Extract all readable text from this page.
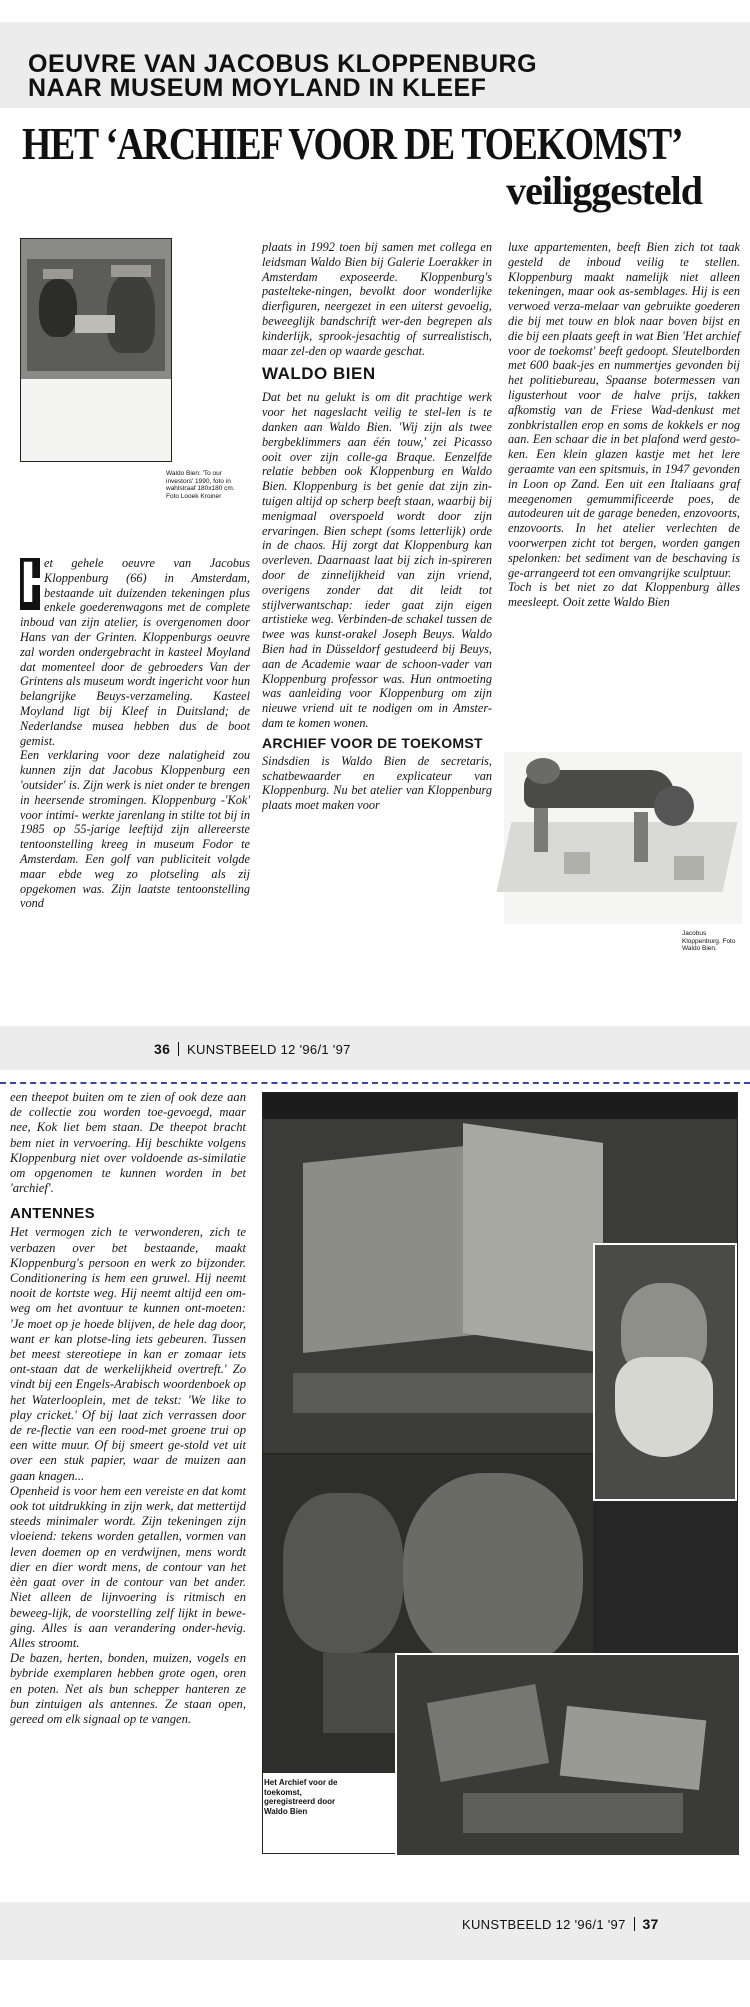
OEUVRE VAN JACOBUS KLOPPENBURG
NAAR MUSEUM MOYLAND IN KLEEF
HET ‘ARCHIEF VOOR DE TOEKOMST’
veiliggesteld
Waldo Bien: 'To our investors' 1990, foto in wahlstraaf 180x180 cm. Foto Looek Kroiner
H

et gehele oeuvre van Jacobus Kloppenburg (66) in Amsterdam, bestaande uit duizenden tekeningen plus enkele goederenwagons met de complete inboud van zijn atelier, is overgenomen door Hans van der Grinten. Kloppenburgs oeuvre zal worden ondergebracht in kasteel Moyland dat momenteel door de gebroeders Van der Grintens als museum wordt ingericht voor hun belangrijke Beuys-verzameling. Kasteel Moyland ligt bij Kleef in Duitsland; de Nederlandse musea hebben dus de boot gemist.

Een verklaring voor deze nalatigheid zou kunnen zijn dat Jacobus Kloppenburg een 'outsider' is. Zijn werk is niet onder te brengen in heersende stromingen. Kloppenburg -'Kok' voor intimi- werkte jarenlang in stilte tot bij in 1985 op 55-jarige leeftijd zijn allereerste tentoonstelling kreeg in museum Fodor te Amsterdam. Een golf van publiciteit volgde maar ebde weg zo plotseling als zij opgekomen was. Zijn laatste tentoonstelling vond

plaats in 1992 toen bij samen met collega en leidsman Waldo Bien bij Galerie Loerakker in Amsterdam exposeerde. Kloppenburg's pastelteke-ningen, bevolkt door wonderlijke dierfiguren, neergezet in een uiterst gevoelig, beweeglijk bandschrift wer-den begrepen als kinderlijk, sprook-jesachtig of surrealistisch, maar zel-den op waarde geschat.

WALDO BIEN

Dat bet nu gelukt is om dit prachtige werk voor het nageslacht veilig te stel-len is te danken aan Waldo Bien. 'Wij zijn als twee bergbeklimmers aan één touw,' zei Picasso ooit over zijn colle-ga Braque. Eenzelfde relatie bebben ook Kloppenburg en Waldo Bien. Kloppenburg is bet genie dat zijn zin-tuigen altijd op scherp beeft staan, waarbij bij menigmaal overspoeld wordt door zijn ervaringen. Bien schept (soms letterlijk) orde in de chaos. Hij zorgt dat Kloppenburg kan overleven. Daarnaast laat bij zich in-spireren door de zinnelijkheid van zijn vriend, overigens zonder dat dit leidt tot stijlverwantschap: ieder gaat zijn eigen artistieke weg. Verbinden-de schakel tussen de twee was kunst-orakel Joseph Beuys. Waldo Bien had in Düsseldorf gestudeerd bij Beuys, aan de Academie waar de schoon-vader van Kloppenburg professor was. Hun ontmoeting was aanleiding voor Kloppenburg om zijn nieuwe vriend uit te nodigen om in Amster-dam te komen wonen.

ARCHIEF VOOR DE TOEKOMST

Sindsdien is Waldo Bien de secretaris, schatbewaarder en explicateur van Kloppenburg. Nu bet atelier van Kloppenburg plaats moet maken voor

luxe appartementen, beeft Bien zich tot taak gesteld de inboud veilig te stellen. Kloppenburg maakt namelijk niet alleen tekeningen, maar ook as-semblages. Hij is een verwoed verza-melaar van gebruikte goederen die bij met touw en blok naar boven bijst en die bij een plaats geeft in wat Bien 'Het archief voor de toekomst' beeft gedoopt. Sleutelborden met 600 baak-jes en nummertjes gevonden bij het politiebureau, Spaanse botermessen van ligusterhout voor de halve prijs, takken afkomstig van de Friese Wad-denkust met zonbkristallen erop en soms de kokkels er nog aan. Een schaar die in bet plafond werd gesto-ken. Een klein glazen kastje met het lere geraamte van een spitsmuis, in 1947 gevonden in Loon op Zand. Een uit een Italiaans graf meegenomen gemummificeerde poes, de autodeuren uit de garage beneden, enzovoorts, enzovoorts. In het atelier verlechten de voorwerpen zicht tot bergen, worden gangen spelonken: bet sediment van de beschaving is ge-arrangeerd tot een omvangrijke sculptuur.

Toch is bet niet zo dat Kloppenburg àlles meesleept. Ooit zette Waldo Bien

Jacobus Kloppenburg. Foto Waldo Bien.
36 KUNSTBEELD 12 '96/1 '97

een theepot buiten om te zien of ook deze aan de collectie zou worden toe-gevoegd, maar nee, Kok liet bem staan. De theepot bracht bem niet in vervoering. Hij beschikte volgens Kloppenburg niet over voldoende as-similatie om opgenomen te kunnen worden in bet 'archief'.

ANTENNES

Het vermogen zich te verwonderen, zich te verbazen over bet bestaande, maakt Kloppenburg's persoon en werk zo bijzonder. Conditionering is hem een gruwel. Hij neemt nooit de kortste weg. Hij neemt altijd een om-weg om het avontuur te kunnen ont-moeten: 'Je moet op je hoede blijven, de hele dag door, want er kan plotse-ling iets gebeuren. Tussen bet meest stereotiepe in kan er zomaar iets ont-staan dat de werkelijkheid overtreft.' Zo vindt bij een Engels-Arabisch woordenboek op het Waterlooplein, met de tekst: 'We like to play cricket.' Of bij laat zich verrassen door de re-flectie van een rood-met groene trui op een witte muur. Of bij smeert ge-stold vet uit over een stuk papier, waar de muizen aan gaan knagen...

Openheid is voor hem een vereiste en dat komt ook tot uitdrukking in zijn werk, dat mettertijd steeds minimaler wordt. Zijn tekeningen zijn vloeiend: tekens worden getallen, vormen van leven doemen op en verdwijnen, mens wordt dier en dier wordt mens, de contour van het èèn gaat over in de contour van bet ander. Niet alleen de lijnvoering is ritmisch en beweeg-lijk, de voorstelling zelf lijkt in bewe-ging. Alles is aan verandering onder-hevig. Alles stroomt.

De bazen, herten, bonden, muizen, vogels en bybride exemplaren hebben grote ogen, oren en poten. Net als bun schepper hanteren ze bun zintuigen als antennes. Ze staan open, gereed om elk signaal op te vangen.

Het Archief voor de toekomst, geregistreerd door Waldo Bien
KUNSTBEELD 12 '96/1 '97 37
